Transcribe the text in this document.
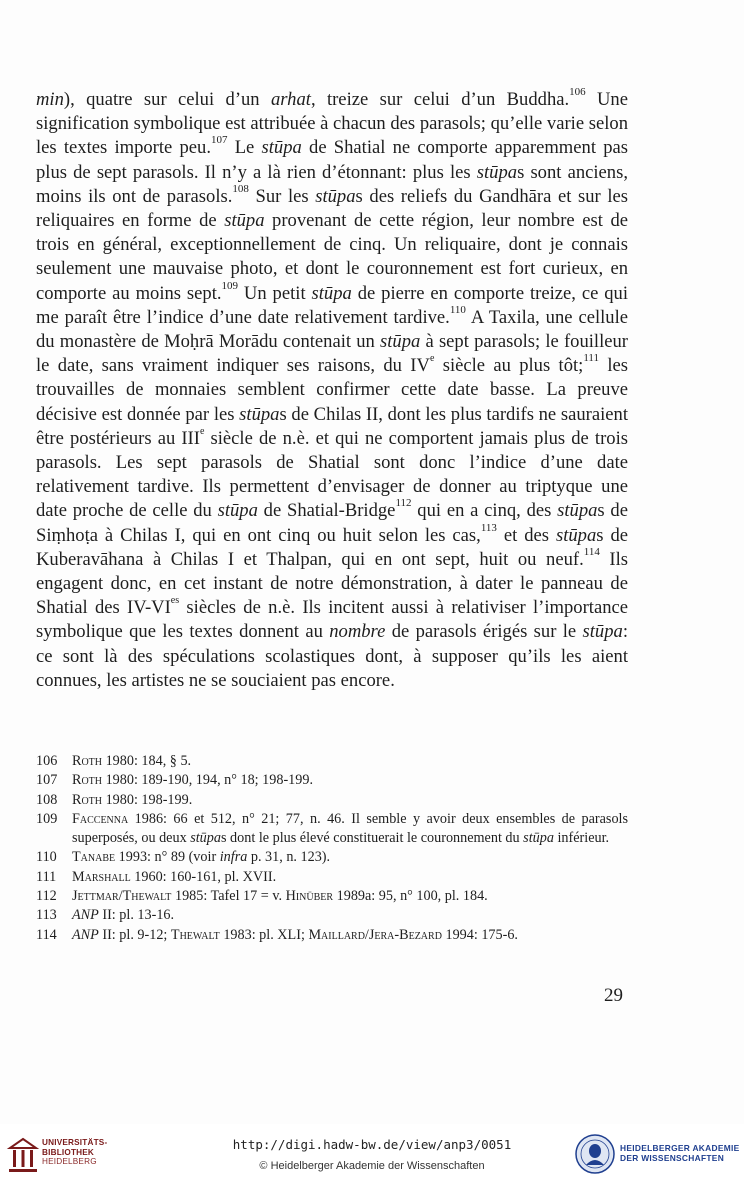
min), quatre sur celui d’un arhat, treize sur celui d’un Buddha.$^{106}$ Une signification symbolique est attribuée à chacun des parasols; qu’elle varie selon les textes importe peu.$^{107}$ Le stūpa de Shatial ne comporte apparemment pas plus de sept parasols. Il n’y a là rien d’étonnant: plus les stūpas sont anciens, moins ils ont de parasols.$^{108}$ Sur les stūpas des reliefs du Gandhāra et sur les reliquaires en forme de stūpa provenant de cette région, leur nombre est de trois en général, exceptionnellement de cinq. Un reliquaire, dont je connais seulement une mauvaise photo, et dont le couronnement est fort curieux, en comporte au moins sept.$^{109}$ Un petit stūpa de pierre en comporte treize, ce qui me paraît être l’indice d’une date relativement tardive.$^{110}$ A Taxila, une cellule du monastère de Moḥrā Morādu contenait un stūpa à sept parasols; le fouilleur le date, sans vraiment indiquer ses raisons, du IVe siècle au plus tôt;$^{111}$ les trouvailles de monnaies semblent confirmer cette date basse. La preuve décisive est donnée par les stūpas de Chilas II, dont les plus tardifs ne sauraient être postérieurs au IIIe siècle de n.è. et qui ne comportent jamais plus de trois parasols. Les sept parasols de Shatial sont donc l’indice d’une date relativement tardive. Ils permettent d’envisager de donner au triptyque une date proche de celle du stūpa de Shatial-Bridge$^{112}$ qui en a cinq, des stūpas de Siṃhoṭa à Chilas I, qui en ont cinq ou huit selon les cas,$^{113}$ et des stūpas de Kuberavāhana à Chilas I et Thalpan, qui en ont sept, huit ou neuf.$^{114}$ Ils engagent donc, en cet instant de notre démonstration, à dater le panneau de Shatial des $IV-VI^{es}$ siècles de n.è. Ils incitent aussi à relativiser l’importance symbolique que les textes donnent au nombre de parasols érigés sur le stūpa: ce sont là des spéculations scolastiques dont, à supposer qu’ils les aient connues, les artistes ne se souciaient pas encore.
106	Roth 1980: 184, § 5.
107	Roth 1980: 189-190, 194, n° 18; 198-199.
108	Roth 1980: 198-199.
109	Faccenna 1986: 66 et 512, n° 21; 77, n. 46. Il semble y avoir deux ensembles de parasols superposés, ou deux stūpas dont le plus élevé constituerait le couronnement du stūpa inférieur.
110	Tanabe 1993: n° 89 (voir infra p. 31, n. 123).
111	Marshall 1960: 160-161, pl. XVII.
112	Jettmar/Thewalt 1985: Tafel 17 = v. Hinüber 1989a: 95, n° 100, pl. 184.
113	ANP II: pl. 13-16.
114	ANP II: pl. 9-12; Thewalt 1983: pl. XLI; Maillard/Jera-Bezard 1994: 175-6.
29
UNIVERSITÄTS-
BIBLIOTHEK
HEIDELBERG
http://digi.hadw-bw.de/view/anp3/0051
© Heidelberger Akademie der Wissenschaften
HEIDELBERGER AKADEMIE
DER WISSENSCHAFTEN
